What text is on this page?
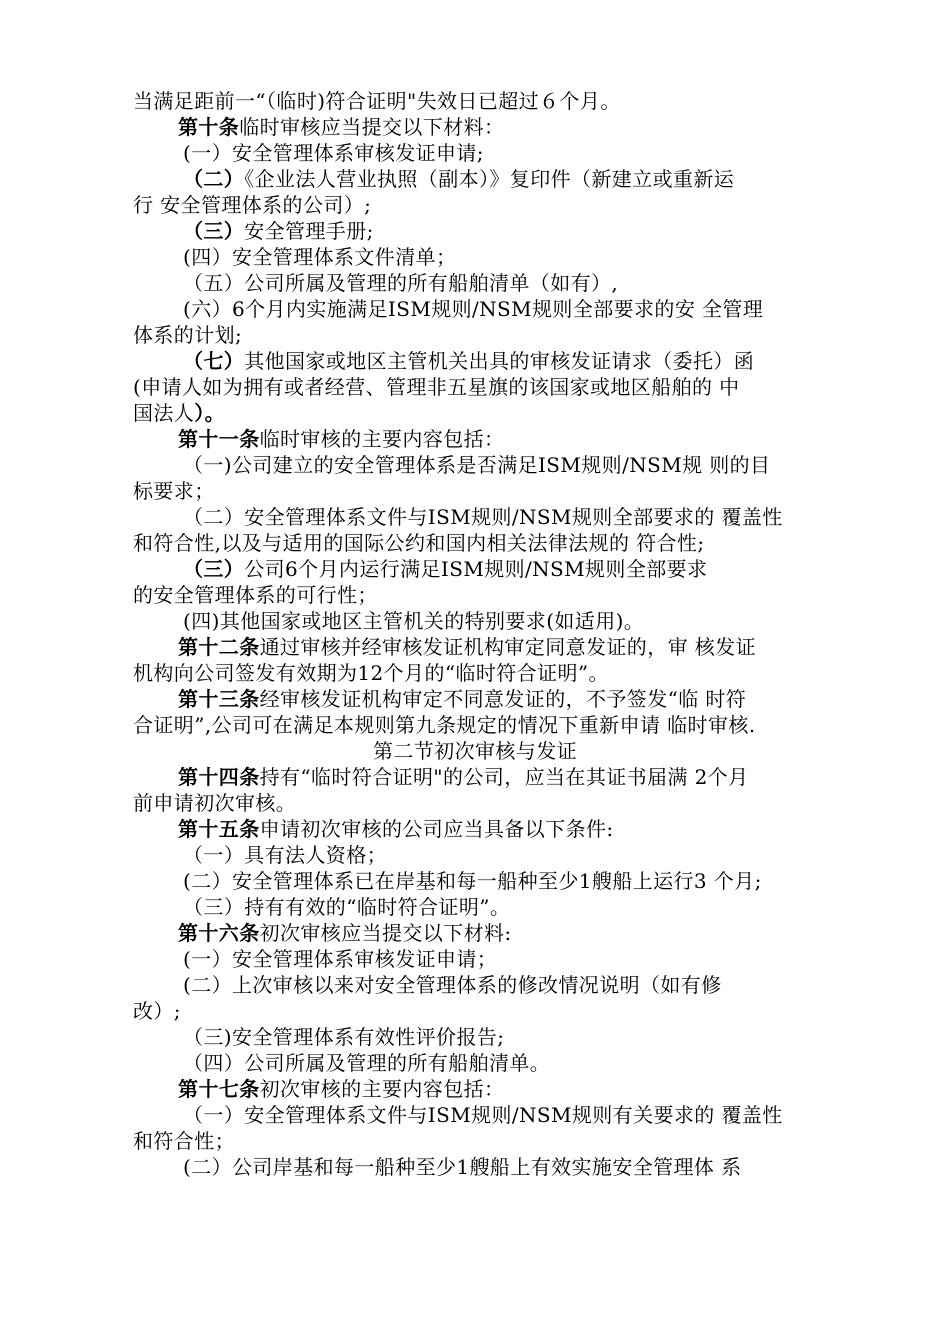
当满足距前一“（临时)符合证明"失效日已超过６个月。
第十条临时审核应当提交以下材料：
(一）安全管理体系审核发证申请;
（二）《企业法人营业执照（副本）》复印件（新建立或重新运
行 安全管理体系的公司）;
（三）安全管理手册;
(四）安全管理体系文件清单；
（五）公司所属及管理的所有船舶清单（如有）,
(六）6个月内实施满足ISM规则/NSM规则全部要求的安 全管理
体系的计划;
（七）其他国家或地区主管机关出具的审核发证请求（委托）函
(申请人如为拥有或者经营、管理非五星旗的该国家或地区船舶的 中
国法人）。
第十一条临时审核的主要内容包括：
（一)公司建立的安全管理体系是否满足ISM规则/NSM规 则的目
标要求；
（二）安全管理体系文件与ISM规则/NSM规则全部要求的 覆盖性
和符合性,以及与适用的国际公约和国内相关法律法规的 符合性;
（三）公司6个月内运行满足ISM规则/NSM规则全部要求
的安全管理体系的可行性；
(四)其他国家或地区主管机关的特别要求(如适用)。
第十二条通过审核并经审核发证机构审定同意发证的，审 核发证
机构向公司签发有效期为12个月的“临时符合证明”。
第十三条经审核发证机构审定不同意发证的，不予签发“临 时符
合证明”,公司可在满足本规则第九条规定的情况下重新申请 临时审核.
第二节初次审核与发证
第十四条持有“临时符合证明"的公司，应当在其证书届满 2个月
前申请初次审核。
第十五条申请初次审核的公司应当具备以下条件:
（一）具有法人资格；
(二）安全管理体系已在岸基和每一船种至少1艘船上运行3 个月;
（三）持有有效的“临时符合证明”。
第十六条初次审核应当提交以下材料:
(一）安全管理体系审核发证申请；
(二）上次审核以来对安全管理体系的修改情况说明（如有修
改）;
（三)安全管理体系有效性评价报告;
（四）公司所属及管理的所有船舶清单。
第十七条初次审核的主要内容包括：
（一）安全管理体系文件与ISM规则/NSM规则有关要求的 覆盖性
和符合性；
(二）公司岸基和每一船种至少1艘船上有效实施安全管理体 系
